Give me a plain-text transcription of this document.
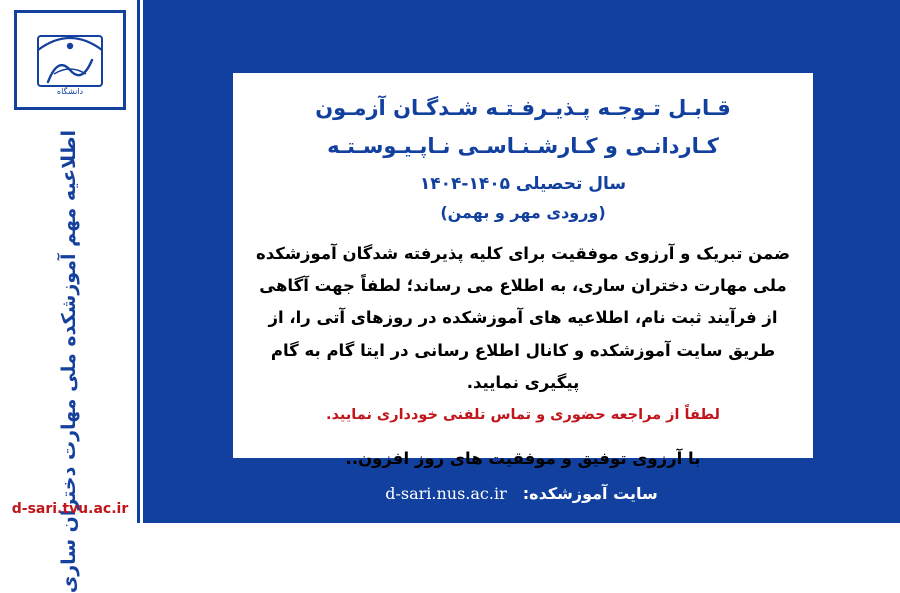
دانشگاه
اطلاعیه مهم آموزشکده ملی مهارت دختران ساری
d-sari.tvu.ac.ir
قـابـل تـوجـه پـذیـرفـتـه شـدگـان آزمـون
کـاردانـی و کـارشـنـاسـی نـاپـیـوسـتـه
سال تحصیلی ۱۴۰۵-۱۴۰۴
(ورودی مهر و بهمن)
ضمن تبریک و آرزوی موفقیت برای کلیه پذیرفته شدگان آموزشکده ملی مهارت دختران ساری، به اطلاع می رساند؛ لطفاً جهت آگاهی از فرآیند ثبت نام، اطلاعیه های آموزشکده در روزهای آتی را، از طریق سایت آموزشکده و کانال اطلاع رسانی در ایتا گام به گام پیگیری نمایید.
لطفاً از مراجعه حضوری و تماس تلفنی خودداری نمایید.
با آرزوی توفیق و موفقیت های روز افزون..
سایت آموزشکده:
d-sari.nus.ac.ir
